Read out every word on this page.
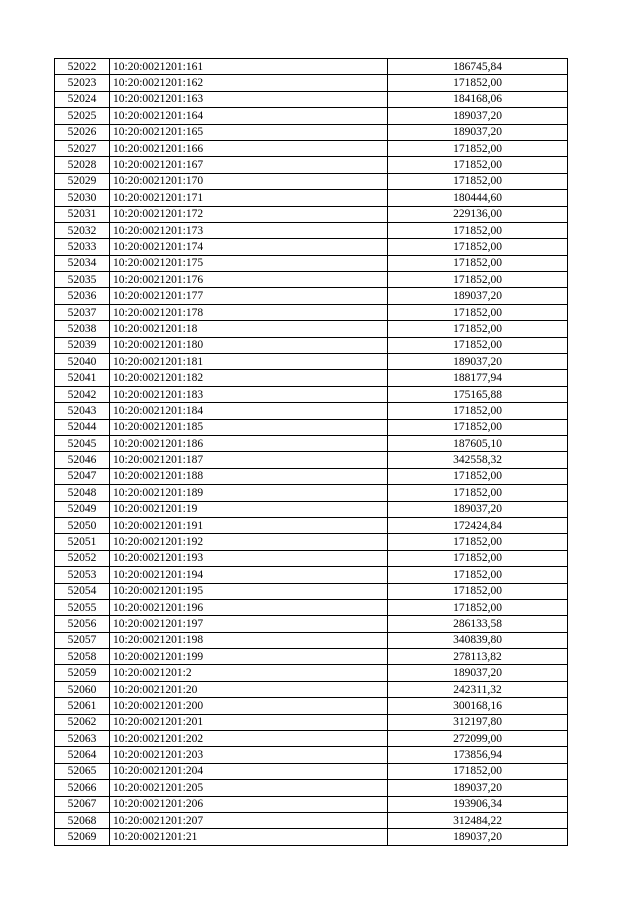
52022	10:20:0021201:161	186745,84
52023	10:20:0021201:162	171852,00
52024	10:20:0021201:163	184168,06
52025	10:20:0021201:164	189037,20
52026	10:20:0021201:165	189037,20
52027	10:20:0021201:166	171852,00
52028	10:20:0021201:167	171852,00
52029	10:20:0021201:170	171852,00
52030	10:20:0021201:171	180444,60
52031	10:20:0021201:172	229136,00
52032	10:20:0021201:173	171852,00
52033	10:20:0021201:174	171852,00
52034	10:20:0021201:175	171852,00
52035	10:20:0021201:176	171852,00
52036	10:20:0021201:177	189037,20
52037	10:20:0021201:178	171852,00
52038	10:20:0021201:18	171852,00
52039	10:20:0021201:180	171852,00
52040	10:20:0021201:181	189037,20
52041	10:20:0021201:182	188177,94
52042	10:20:0021201:183	175165,88
52043	10:20:0021201:184	171852,00
52044	10:20:0021201:185	171852,00
52045	10:20:0021201:186	187605,10
52046	10:20:0021201:187	342558,32
52047	10:20:0021201:188	171852,00
52048	10:20:0021201:189	171852,00
52049	10:20:0021201:19	189037,20
52050	10:20:0021201:191	172424,84
52051	10:20:0021201:192	171852,00
52052	10:20:0021201:193	171852,00
52053	10:20:0021201:194	171852,00
52054	10:20:0021201:195	171852,00
52055	10:20:0021201:196	171852,00
52056	10:20:0021201:197	286133,58
52057	10:20:0021201:198	340839,80
52058	10:20:0021201:199	278113,82
52059	10:20:0021201:2	189037,20
52060	10:20:0021201:20	242311,32
52061	10:20:0021201:200	300168,16
52062	10:20:0021201:201	312197,80
52063	10:20:0021201:202	272099,00
52064	10:20:0021201:203	173856,94
52065	10:20:0021201:204	171852,00
52066	10:20:0021201:205	189037,20
52067	10:20:0021201:206	193906,34
52068	10:20:0021201:207	312484,22
52069	10:20:0021201:21	189037,20
